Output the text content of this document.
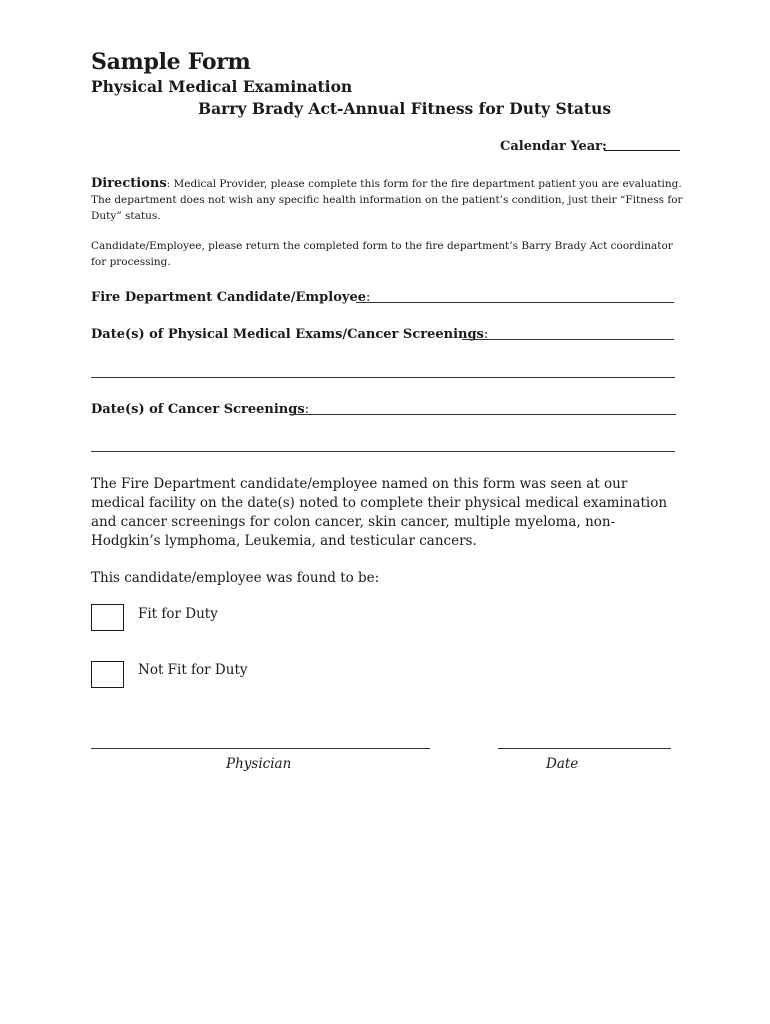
Sample Form
Physical Medical Examination
Barry Brady Act-Annual Fitness for Duty Status
Calendar Year:
Directions: Medical Provider, please complete this form for the fire department patient you are evaluating. The department does not wish any specific health information on the patient’s condition, just their “Fitness for Duty” status.
Candidate/Employee, please return the completed form to the fire department’s Barry Brady Act coordinator for processing.
Fire Department Candidate/Employee:
Date(s) of Physical Medical Exams/Cancer Screenings:
Date(s) of Cancer Screenings:
The Fire Department candidate/employee named on this form was seen at our medical facility on the date(s) noted to complete their physical medical examination and cancer screenings for colon cancer, skin cancer, multiple myeloma, non-Hodgkin’s lymphoma, Leukemia, and testicular cancers.
This candidate/employee was found to be:
Fit for Duty
Not Fit for Duty
Physician	Date
